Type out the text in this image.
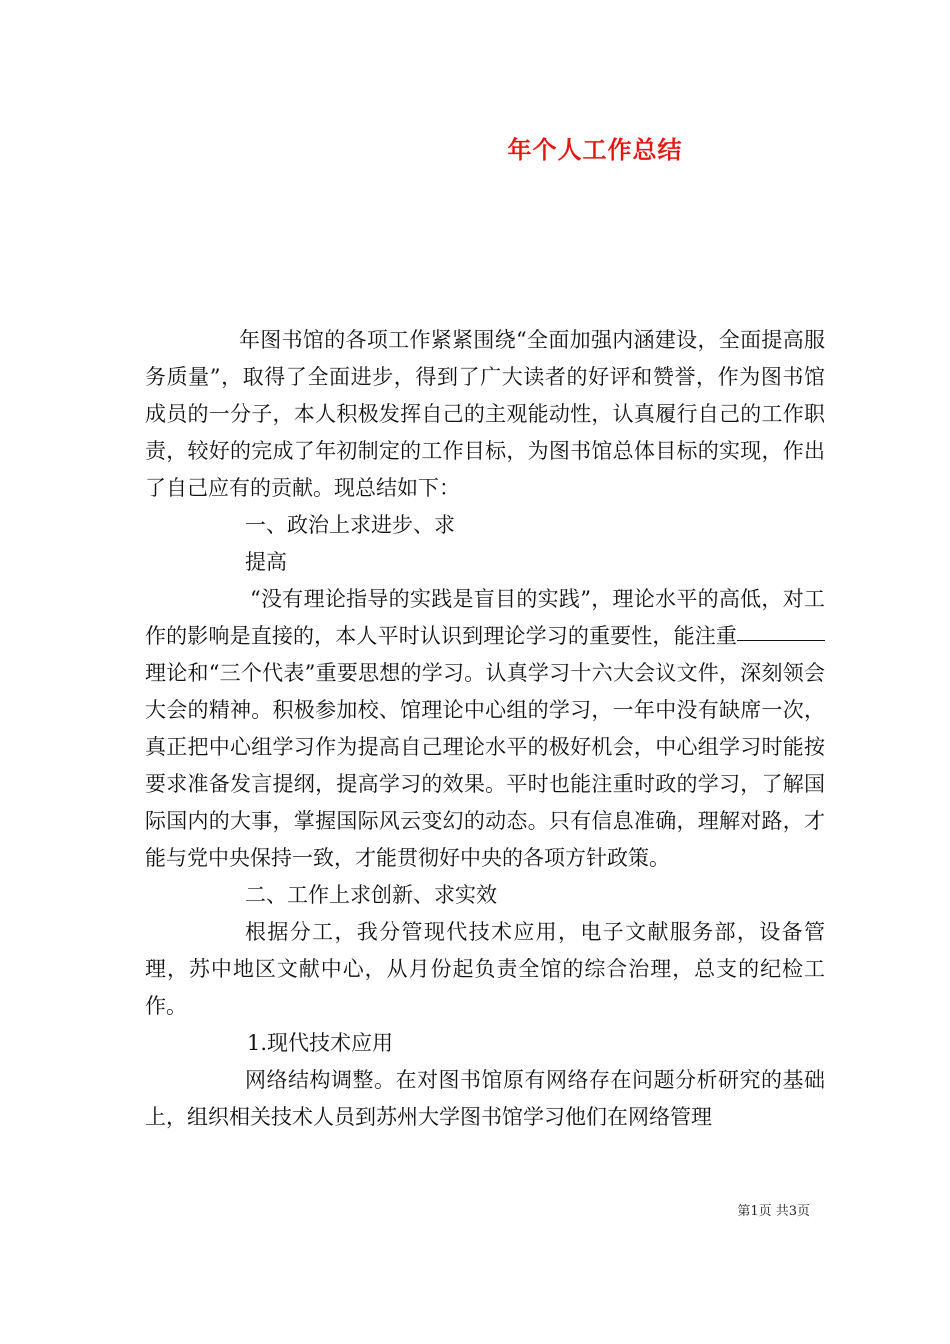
年个人工作总结

年图书馆的各项工作紧紧围绕“全面加强内涵建设，全面提高服务质量”，取得了全面进步，得到了广大读者的好评和赞誉，作为图书馆成员的一分子，本人积极发挥自己的主观能动性，认真履行自己的工作职责，较好的完成了年初制定的工作目标，为图书馆总体目标的实现，作出了自己应有的贡献。现总结如下：

一、政治上求进步、求

提高

“没有理论指导的实践是盲目的实践”，理论水平的高低，对工作的影响是直接的，本人平时认识到理论学习的重要性，能注重理论和“三个代表”重要思想的学习。认真学习十六大会议文件，深刻领会大会的精神。积极参加校、馆理论中心组的学习，一年中没有缺席一次，真正把中心组学习作为提高自己理论水平的极好机会，中心组学习时能按要求准备发言提纲，提高学习的效果。平时也能注重时政的学习，了解国际国内的大事，掌握国际风云变幻的动态。只有信息准确，理解对路，才能与党中央保持一致，才能贯彻好中央的各项方针政策。

二、工作上求创新、求实效

根据分工，我分管现代技术应用，电子文献服务部，设备管理，苏中地区文献中心，从月份起负责全馆的综合治理，总支的纪检工作。

1.现代技术应用

网络结构调整。在对图书馆原有网络存在问题分析研究的基础上，组织相关技术人员到苏州大学图书馆学习他们在网络管理

第1页 共3页
